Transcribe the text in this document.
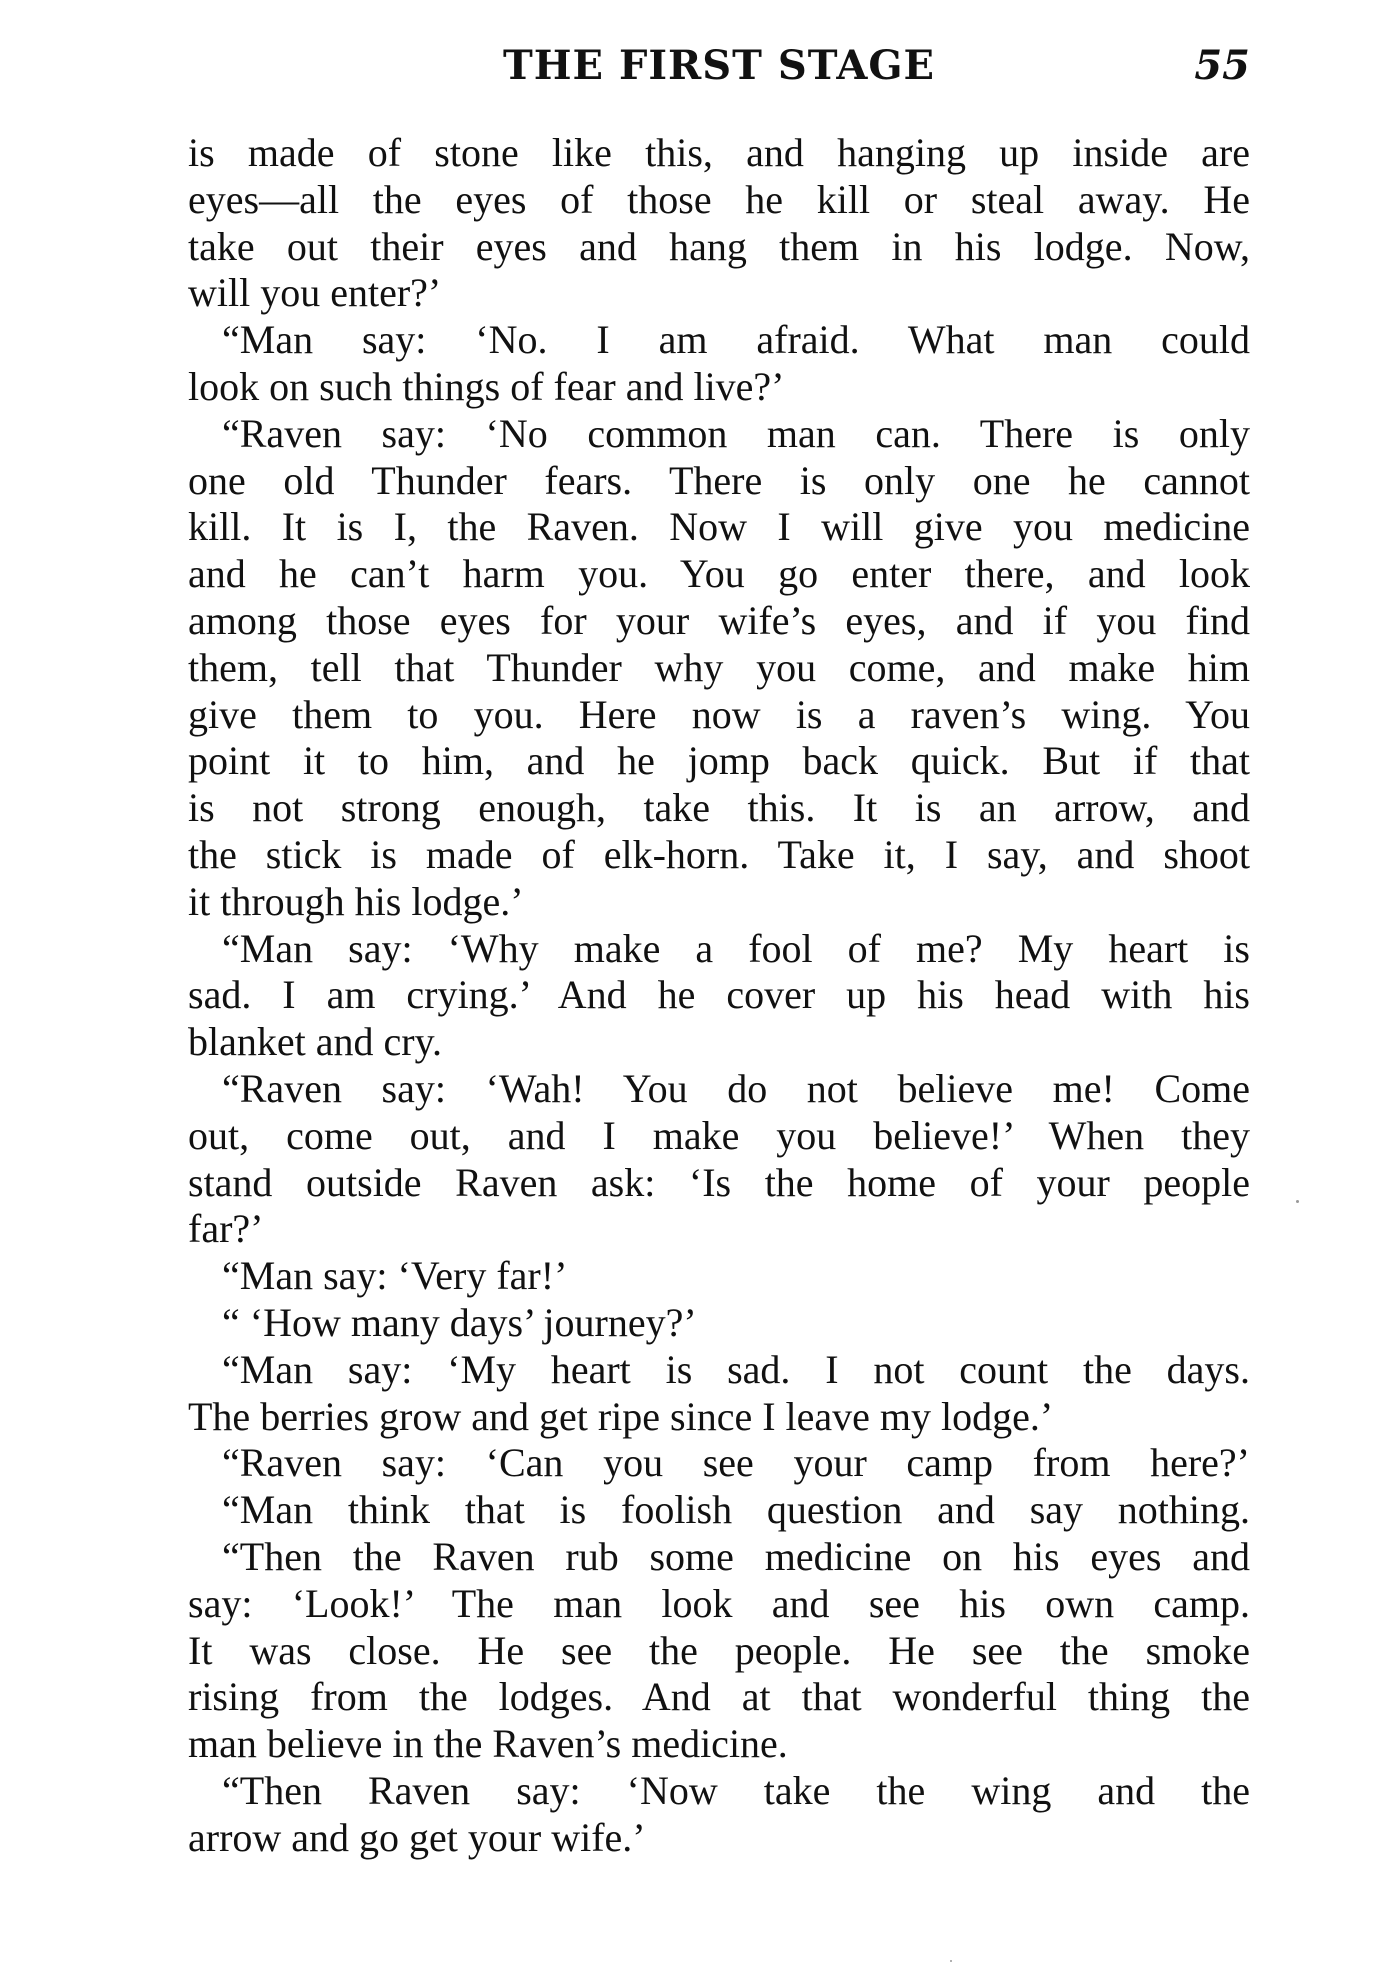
THE FIRST STAGE	55
is made of stone like this, and hanging up inside are
eyes—all the eyes of those he kill or steal away. He
take out their eyes and hang them in his lodge. Now,
will you enter?’
“Man say: ‘No. I am afraid. What man could
look on such things of fear and live?’
“Raven say: ‘No common man can. There is only
one old Thunder fears. There is only one he cannot
kill. It is I, the Raven. Now I will give you medicine
and he can’t harm you. You go enter there, and look
among those eyes for your wife’s eyes, and if you find
them, tell that Thunder why you come, and make him
give them to you. Here now is a raven’s wing. You
point it to him, and he jomp back quick. But if that
is not strong enough, take this. It is an arrow, and
the stick is made of elk-horn. Take it, I say, and shoot
it through his lodge.’
“Man say: ‘Why make a fool of me? My heart is
sad. I am crying.’ And he cover up his head with his
blanket and cry.
“Raven say: ‘Wah! You do not believe me! Come
out, come out, and I make you believe!’ When they
stand outside Raven ask: ‘Is the home of your people
far?’
“Man say: ‘Very far!’
“ ‘How many days’ journey?’
“Man say: ‘My heart is sad. I not count the days.
The berries grow and get ripe since I leave my lodge.’
“Raven say: ‘Can you see your camp from here?’
“Man think that is foolish question and say nothing.
“Then the Raven rub some medicine on his eyes and
say: ‘Look!’ The man look and see his own camp.
It was close. He see the people. He see the smoke
rising from the lodges. And at that wonderful thing the
man believe in the Raven’s medicine.
“Then Raven say: ‘Now take the wing and the
arrow and go get your wife.’
